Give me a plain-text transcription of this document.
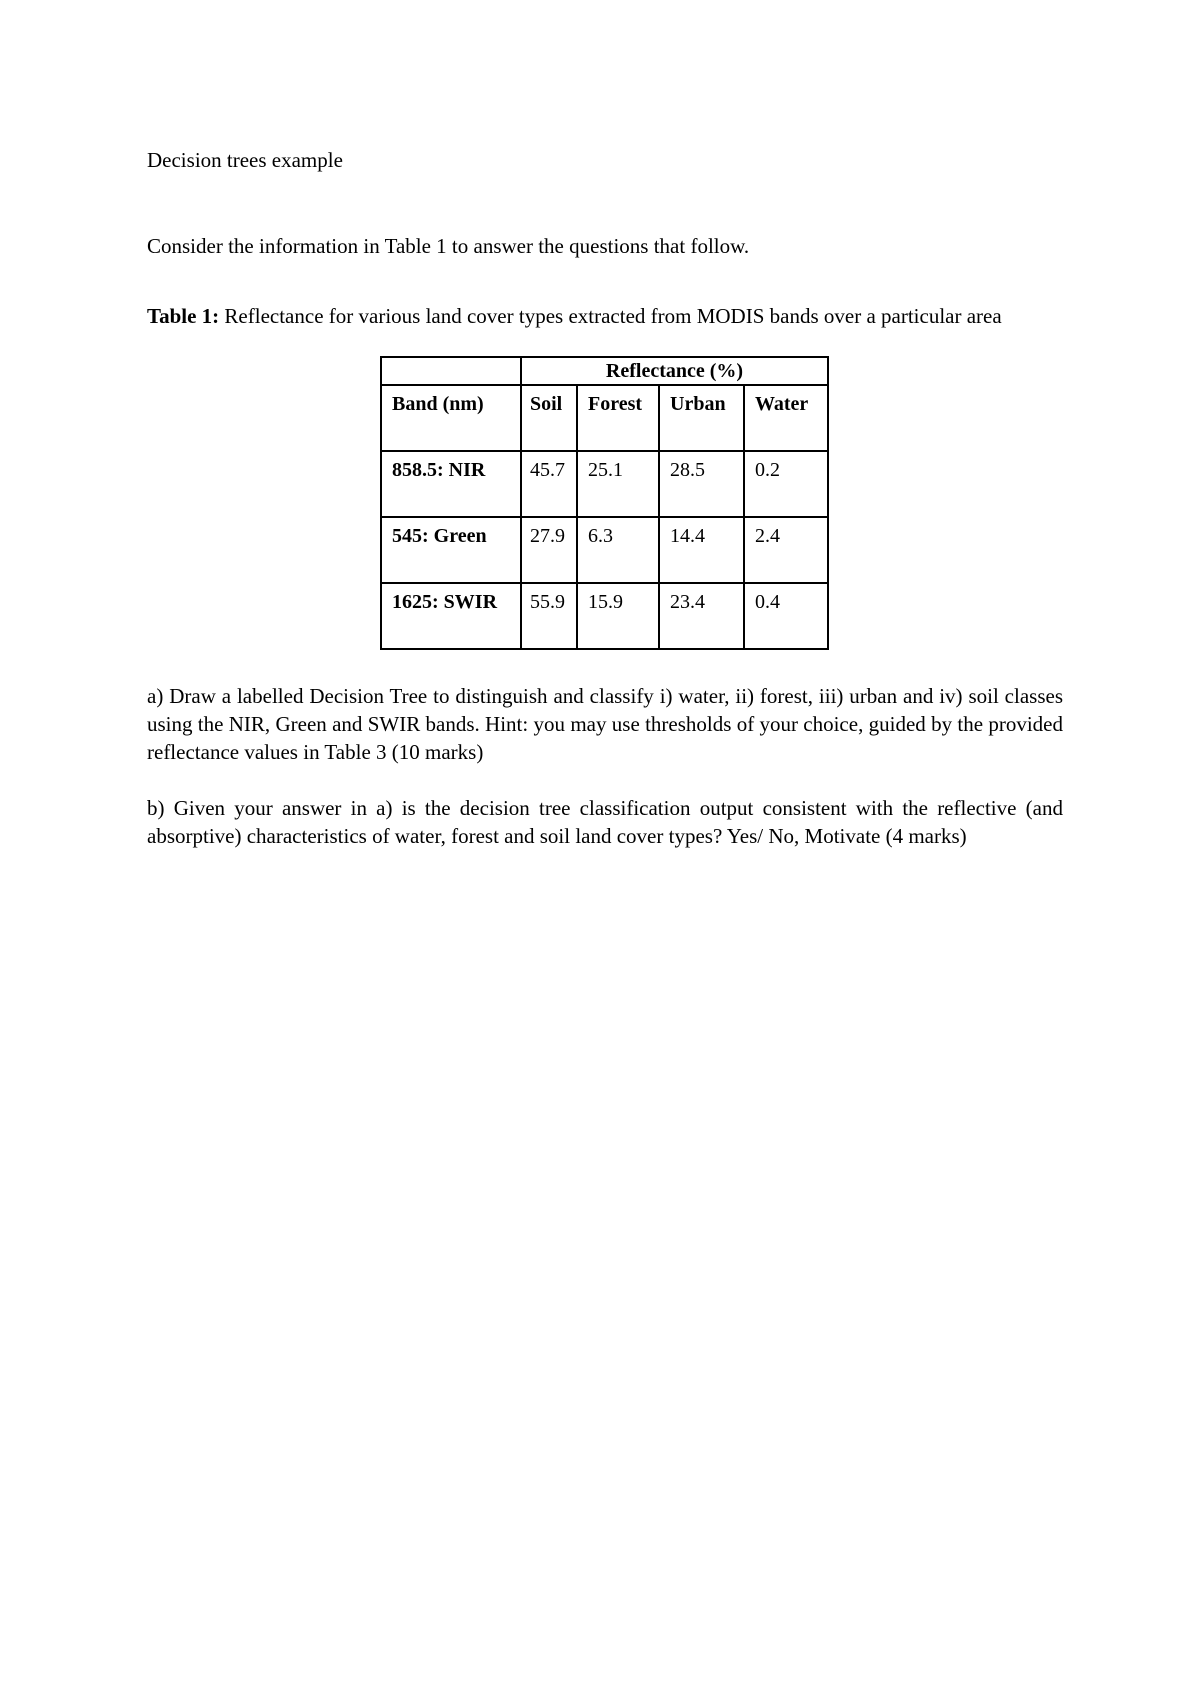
Decision trees example
Consider the information in Table 1 to answer the questions that follow.
Table 1: Reflectance for various land cover types extracted from MODIS bands over a particular area
	Reflectance (%)			
Band (nm)	Soil	Forest	Urban	Water
858.5: NIR	45.7	25.1	28.5	0.2
545: Green	27.9	6.3	14.4	2.4
1625: SWIR	55.9	15.9	23.4	0.4
a) Draw a labelled Decision Tree to distinguish and classify i) water, ii) forest, iii) urban and iv) soil classes using the NIR, Green and SWIR bands. Hint: you may use thresholds of your choice, guided by the provided reflectance values in Table 3 (10 marks)
b) Given your answer in a) is the decision tree classification output consistent with the reflective (and absorptive) characteristics of water, forest and soil land cover types? Yes/ No, Motivate (4 marks)
